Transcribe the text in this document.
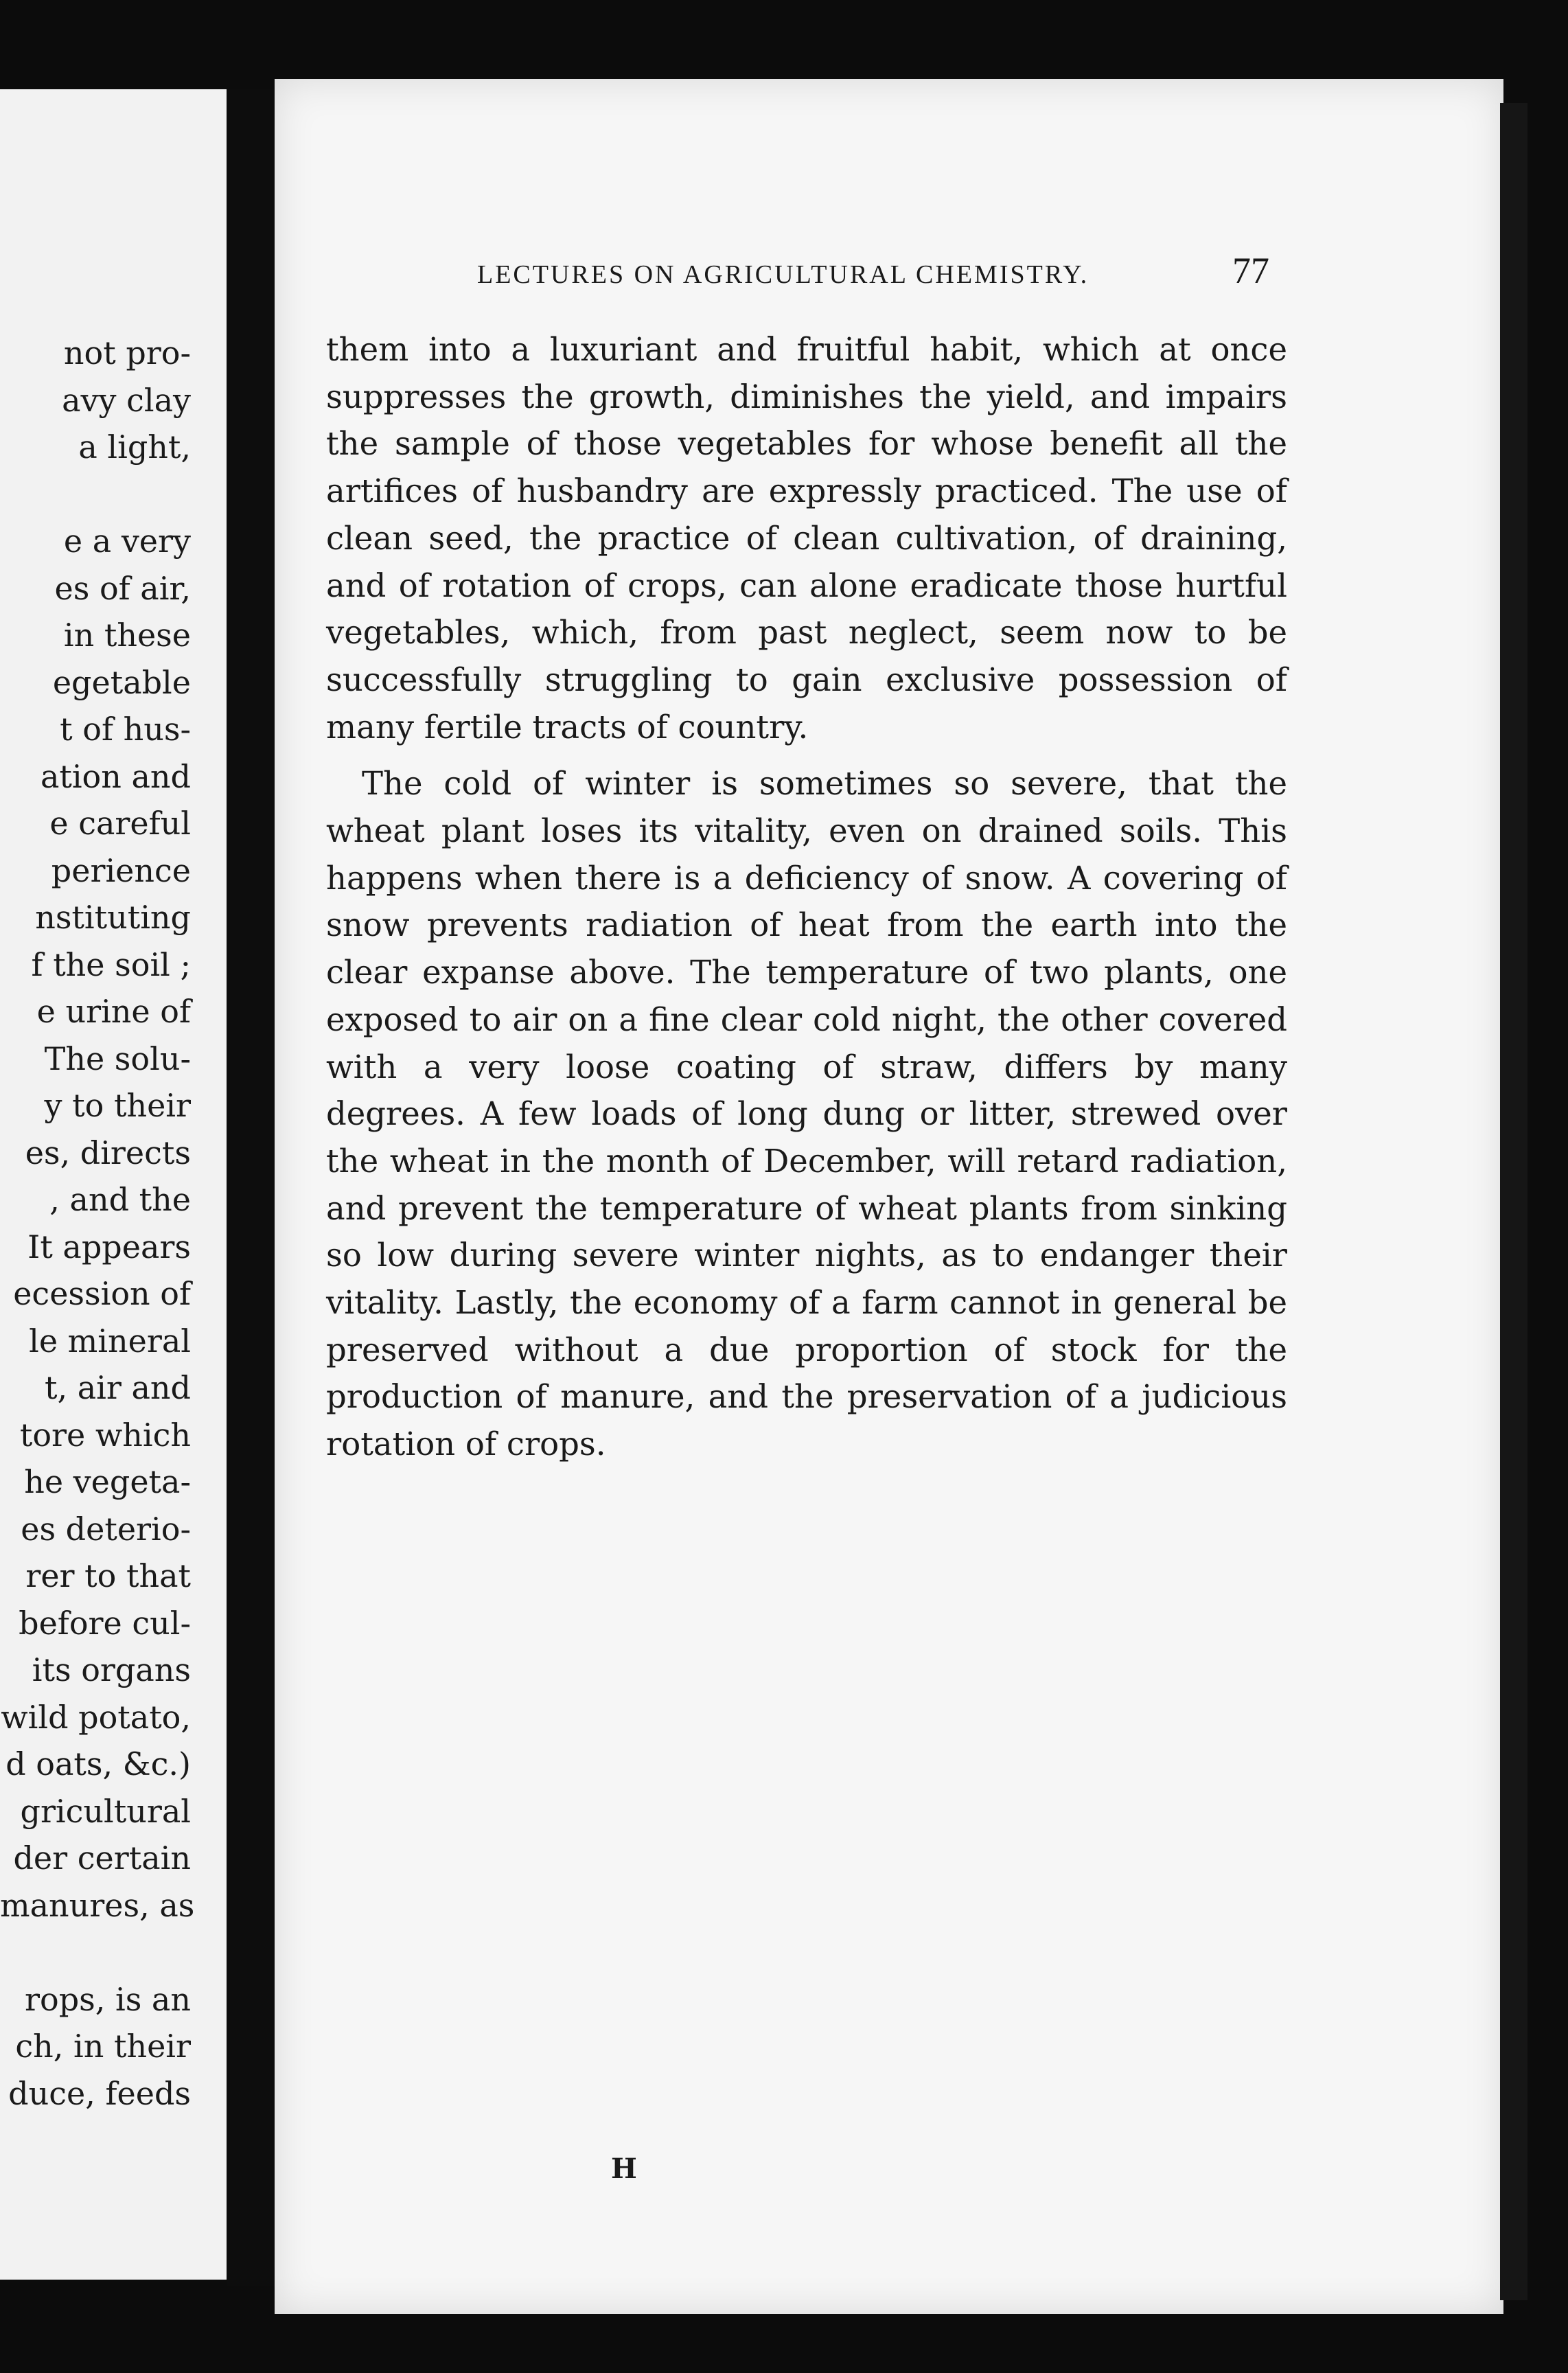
not pro-
avy clay
a light,
e a very
es of air,
in these
egetable
t of hus-
ation and
e careful
perience
nstituting
f the soil ;
e urine of
The solu-
y to their
es, directs
, and the
It appears
ecession of
le mineral
t, air and
tore which
he vegeta-
es deterio-
rer to that
before cul-
its organs
wild potato,
d oats, &c.)
gricultural
der certain
manures, as
rops, is an
ch, in their
duce, feeds
LECTURES ON AGRICULTURAL CHEMISTRY.	77

them into a luxuriant and fruitful habit, which at once suppresses the growth, diminishes the yield, and impairs the sample of those vegetables for whose benefit all the artifices of husbandry are expressly practiced. The use of clean seed, the practice of clean cultivation, of draining, and of rotation of crops, can alone eradicate those hurtful vegetables, which, from past neglect, seem now to be successfully struggling to gain exclusive possession of many fertile tracts of country.

The cold of winter is sometimes so severe, that the wheat plant loses its vitality, even on drained soils. This happens when there is a deficiency of snow. A covering of snow prevents radiation of heat from the earth into the clear expanse above. The temperature of two plants, one exposed to air on a fine clear cold night, the other covered with a very loose coating of straw, differs by many degrees. A few loads of long dung or litter, strewed over the wheat in the month of December, will retard radiation, and prevent the temperature of wheat plants from sinking so low during severe winter nights, as to endanger their vitality. Lastly, the economy of a farm cannot in general be preserved without a due proportion of stock for the production of manure, and the preservation of a judicious rotation of crops.

H
